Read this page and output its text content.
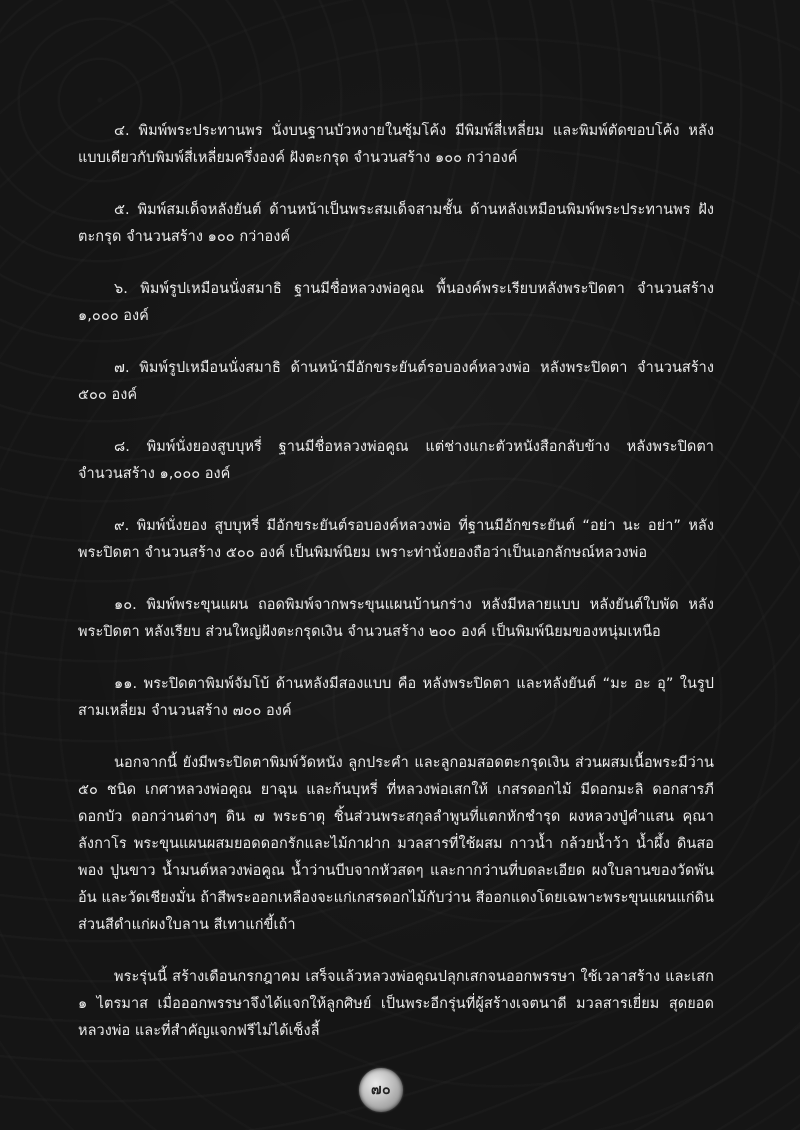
๔. พิมพ์พระประทานพร นั่งบนฐานบัวหงายในซุ้มโค้ง มีพิมพ์สี่เหลี่ยม และพิมพ์ตัดขอบโค้ง หลังแบบเดียวกับพิมพ์สี่เหลี่ยมครึ่งองค์ ฝังตะกรุด จำนวนสร้าง ๑๐๐ กว่าองค์

๕. พิมพ์สมเด็จหลังยันต์ ด้านหน้าเป็นพระสมเด็จสามชั้น ด้านหลังเหมือนพิมพ์พระประทานพร ฝังตะกรุด จำนวนสร้าง ๑๐๐ กว่าองค์

๖. พิมพ์รูปเหมือนนั่งสมาธิ ฐานมีชื่อหลวงพ่อคูณ พื้นองค์พระเรียบหลังพระปิดตา จำนวนสร้าง ๑,๐๐๐ องค์

๗. พิมพ์รูปเหมือนนั่งสมาธิ ด้านหน้ามีอักขระยันต์รอบองค์หลวงพ่อ หลังพระปิดตา จำนวนสร้าง ๕๐๐ องค์

๘. พิมพ์นั่งยองสูบบุหรี่ ฐานมีชื่อหลวงพ่อคูณ แต่ช่างแกะตัวหนังสือกลับข้าง หลังพระปิดตา จำนวนสร้าง ๑,๐๐๐ องค์

๙. พิมพ์นั่งยอง สูบบุหรี่ มีอักขระยันต์รอบองค์หลวงพ่อ ที่ฐานมีอักขระยันต์ “อย่า นะ อย่า” หลังพระปิดตา จำนวนสร้าง ๕๐๐ องค์ เป็นพิมพ์นิยม เพราะท่านั่งยองถือว่าเป็นเอกลักษณ์หลวงพ่อ

๑๐. พิมพ์พระขุนแผน ถอดพิมพ์จากพระขุนแผนบ้านกร่าง หลังมีหลายแบบ หลังยันต์ใบพัด หลังพระปิดตา หลังเรียบ ส่วนใหญ่ฝังตะกรุดเงิน จำนวนสร้าง ๒๐๐ องค์ เป็นพิมพ์นิยมของหนุ่มเหนือ

๑๑. พระปิดตาพิมพ์จัมโบ้ ด้านหลังมีสองแบบ คือ หลังพระปิดตา และหลังยันต์ “มะ อะ อุ” ในรูปสามเหลี่ยม จำนวนสร้าง ๗๐๐ องค์

นอกจากนี้ ยังมีพระปิดตาพิมพ์วัดหนัง ลูกประคำ และลูกอมสอดตะกรุดเงิน ส่วนผสมเนื้อพระมีว่าน ๕๐ ชนิด เกศาหลวงพ่อคูณ ยาฉุน และก้นบุหรี่ ที่หลวงพ่อเสกให้ เกสรดอกไม้ มีดอกมะลิ ดอกสารภี ดอกบัว ดอกว่านต่างๆ ดิน ๗ พระธาตุ ชิ้นส่วนพระสกุลลำพูนที่แตกหักชำรุด ผงหลวงปู่คำแสน คุณาลังกาโร พระขุนแผนผสมยอดดอกรักและไม้กาฝาก มวลสารที่ใช้ผสม กาวน้ำ กล้วยน้ำว้า น้ำผึ้ง ดินสอพอง ปูนขาว น้ำมนต์หลวงพ่อคูณ น้ำว่านบีบจากหัวสดๆ และกากว่านที่บดละเอียด ผงใบลานของวัดพันอ้น และวัดเชียงมั่น ถ้าสีพระออกเหลืองจะแก่เกสรดอกไม้กับว่าน สีออกแดงโดยเฉพาะพระขุนแผนแก่ดิน ส่วนสีดำแก่ผงใบลาน สีเทาแก่ขี้เถ้า

พระรุ่นนี้ สร้างเดือนกรกฎาคม เสร็จแล้วหลวงพ่อคูณปลุกเสกจนออกพรรษา ใช้เวลาสร้าง และเสก ๑ ไตรมาส เมื่อออกพรรษาจึงได้แจกให้ลูกศิษย์ เป็นพระอีกรุ่นที่ผู้สร้างเจตนาดี มวลสารเยี่ยม สุดยอดหลวงพ่อ และที่สำคัญแจกฟรีไม่ได้เซ็งลี้

๗๐
